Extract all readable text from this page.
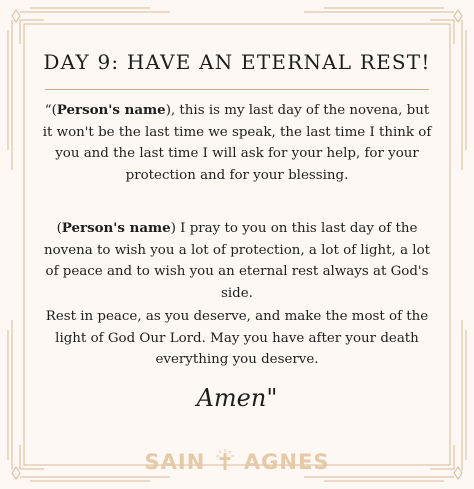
DAY 9: HAVE AN ETERNAL REST!
“(Person's name), this is my last day of the novena, but it won't be the last time we speak, the last time I think of you and the last time I will ask for your help, for your protection and for your blessing.
(Person's name) I pray to you on this last day of the novena to wish you a lot of protection, a lot of light, a lot of peace and to wish you an eternal rest always at God's side.
Rest in peace, as you deserve, and make the most of the light of God Our Lord. May you have after your death everything you deserve.
Amen"
SAIN AGNES
